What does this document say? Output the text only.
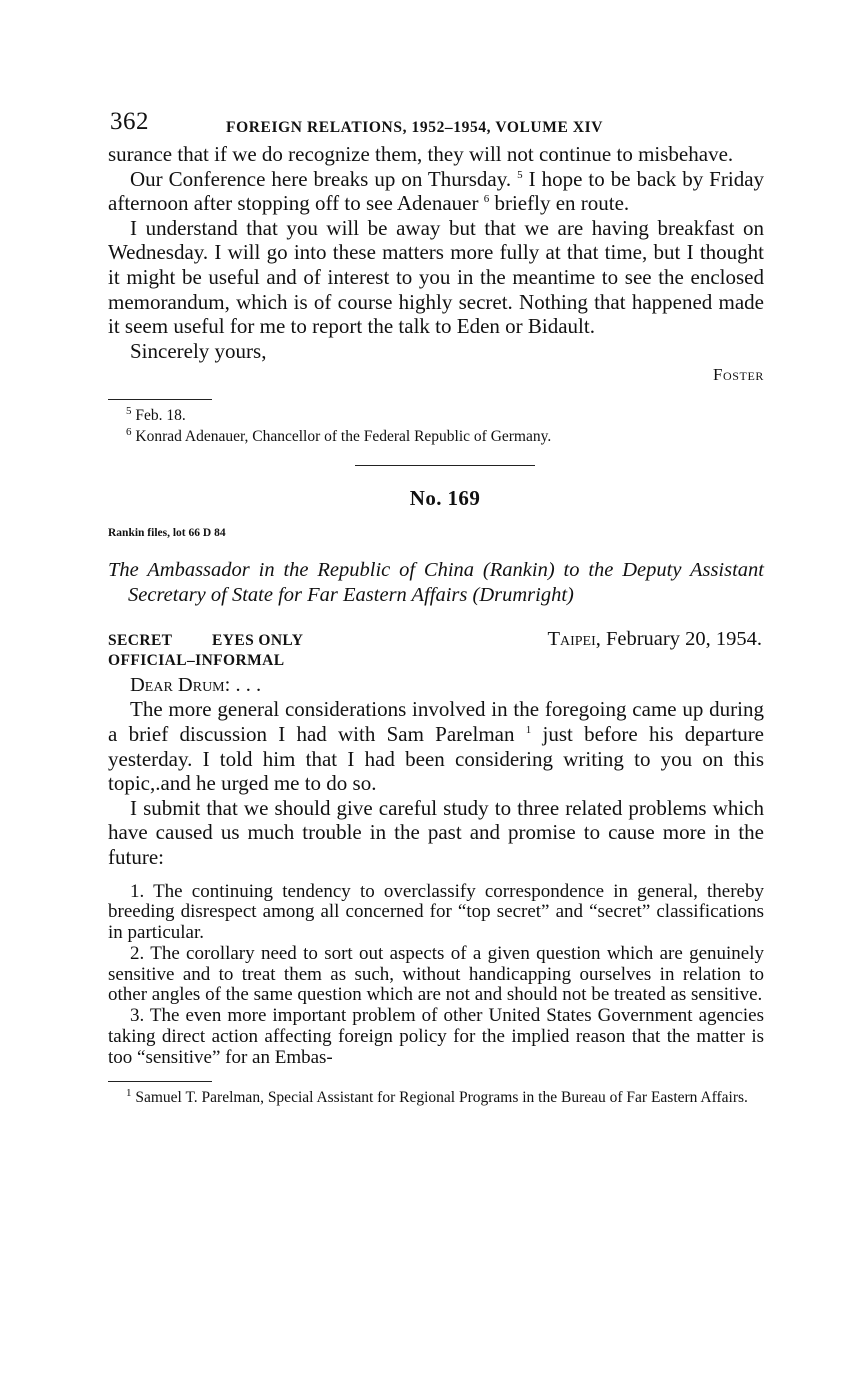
362	FOREIGN RELATIONS, 1952–1954, VOLUME XIV

surance that if we do recognize them, they will not continue to misbehave.

Our Conference here breaks up on Thursday. $^5$ I hope to be back by Friday afternoon after stopping off to see Adenauer $^6$ briefly en route.

I understand that you will be away but that we are having breakfast on Wednesday. I will go into these matters more fully at that time, but I thought it might be useful and of interest to you in the meantime to see the enclosed memorandum, which is of course highly secret. Nothing that happened made it seem useful for me to report the talk to Eden or Bidault.

Sincerely yours,

Foster

$^5$ Feb. 18.

$^6$ Konrad Adenauer, Chancellor of the Federal Republic of Germany.

No. 169
Rankin files, lot 66 D 84
The Ambassador in the Republic of China (Rankin) to the Deputy Assistant Secretary of State for Far Eastern Affairs (Drumright)
SECRET	EYES ONLY	Taipei, February 20, 1954.
OFFICIAL–INFORMAL
Dear Drum: . . .

The more general considerations involved in the foregoing came up during a brief discussion I had with Sam Parelman $^1$ just before his departure yesterday. I told him that I had been considering writing to you on this topic,.and he urged me to do so.

I submit that we should give careful study to three related problems which have caused us much trouble in the past and promise to cause more in the future:

1. The continuing tendency to overclassify correspondence in general, thereby breeding disrespect among all concerned for “top secret” and “secret” classifications in particular.

2. The corollary need to sort out aspects of a given question which are genuinely sensitive and to treat them as such, without handicapping ourselves in relation to other angles of the same question which are not and should not be treated as sensitive.

3. The even more important problem of other United States Government agencies taking direct action affecting foreign policy for the implied reason that the matter is too “sensitive” for an Embas-

$^1$ Samuel T. Parelman, Special Assistant for Regional Programs in the Bureau of Far Eastern Affairs.
